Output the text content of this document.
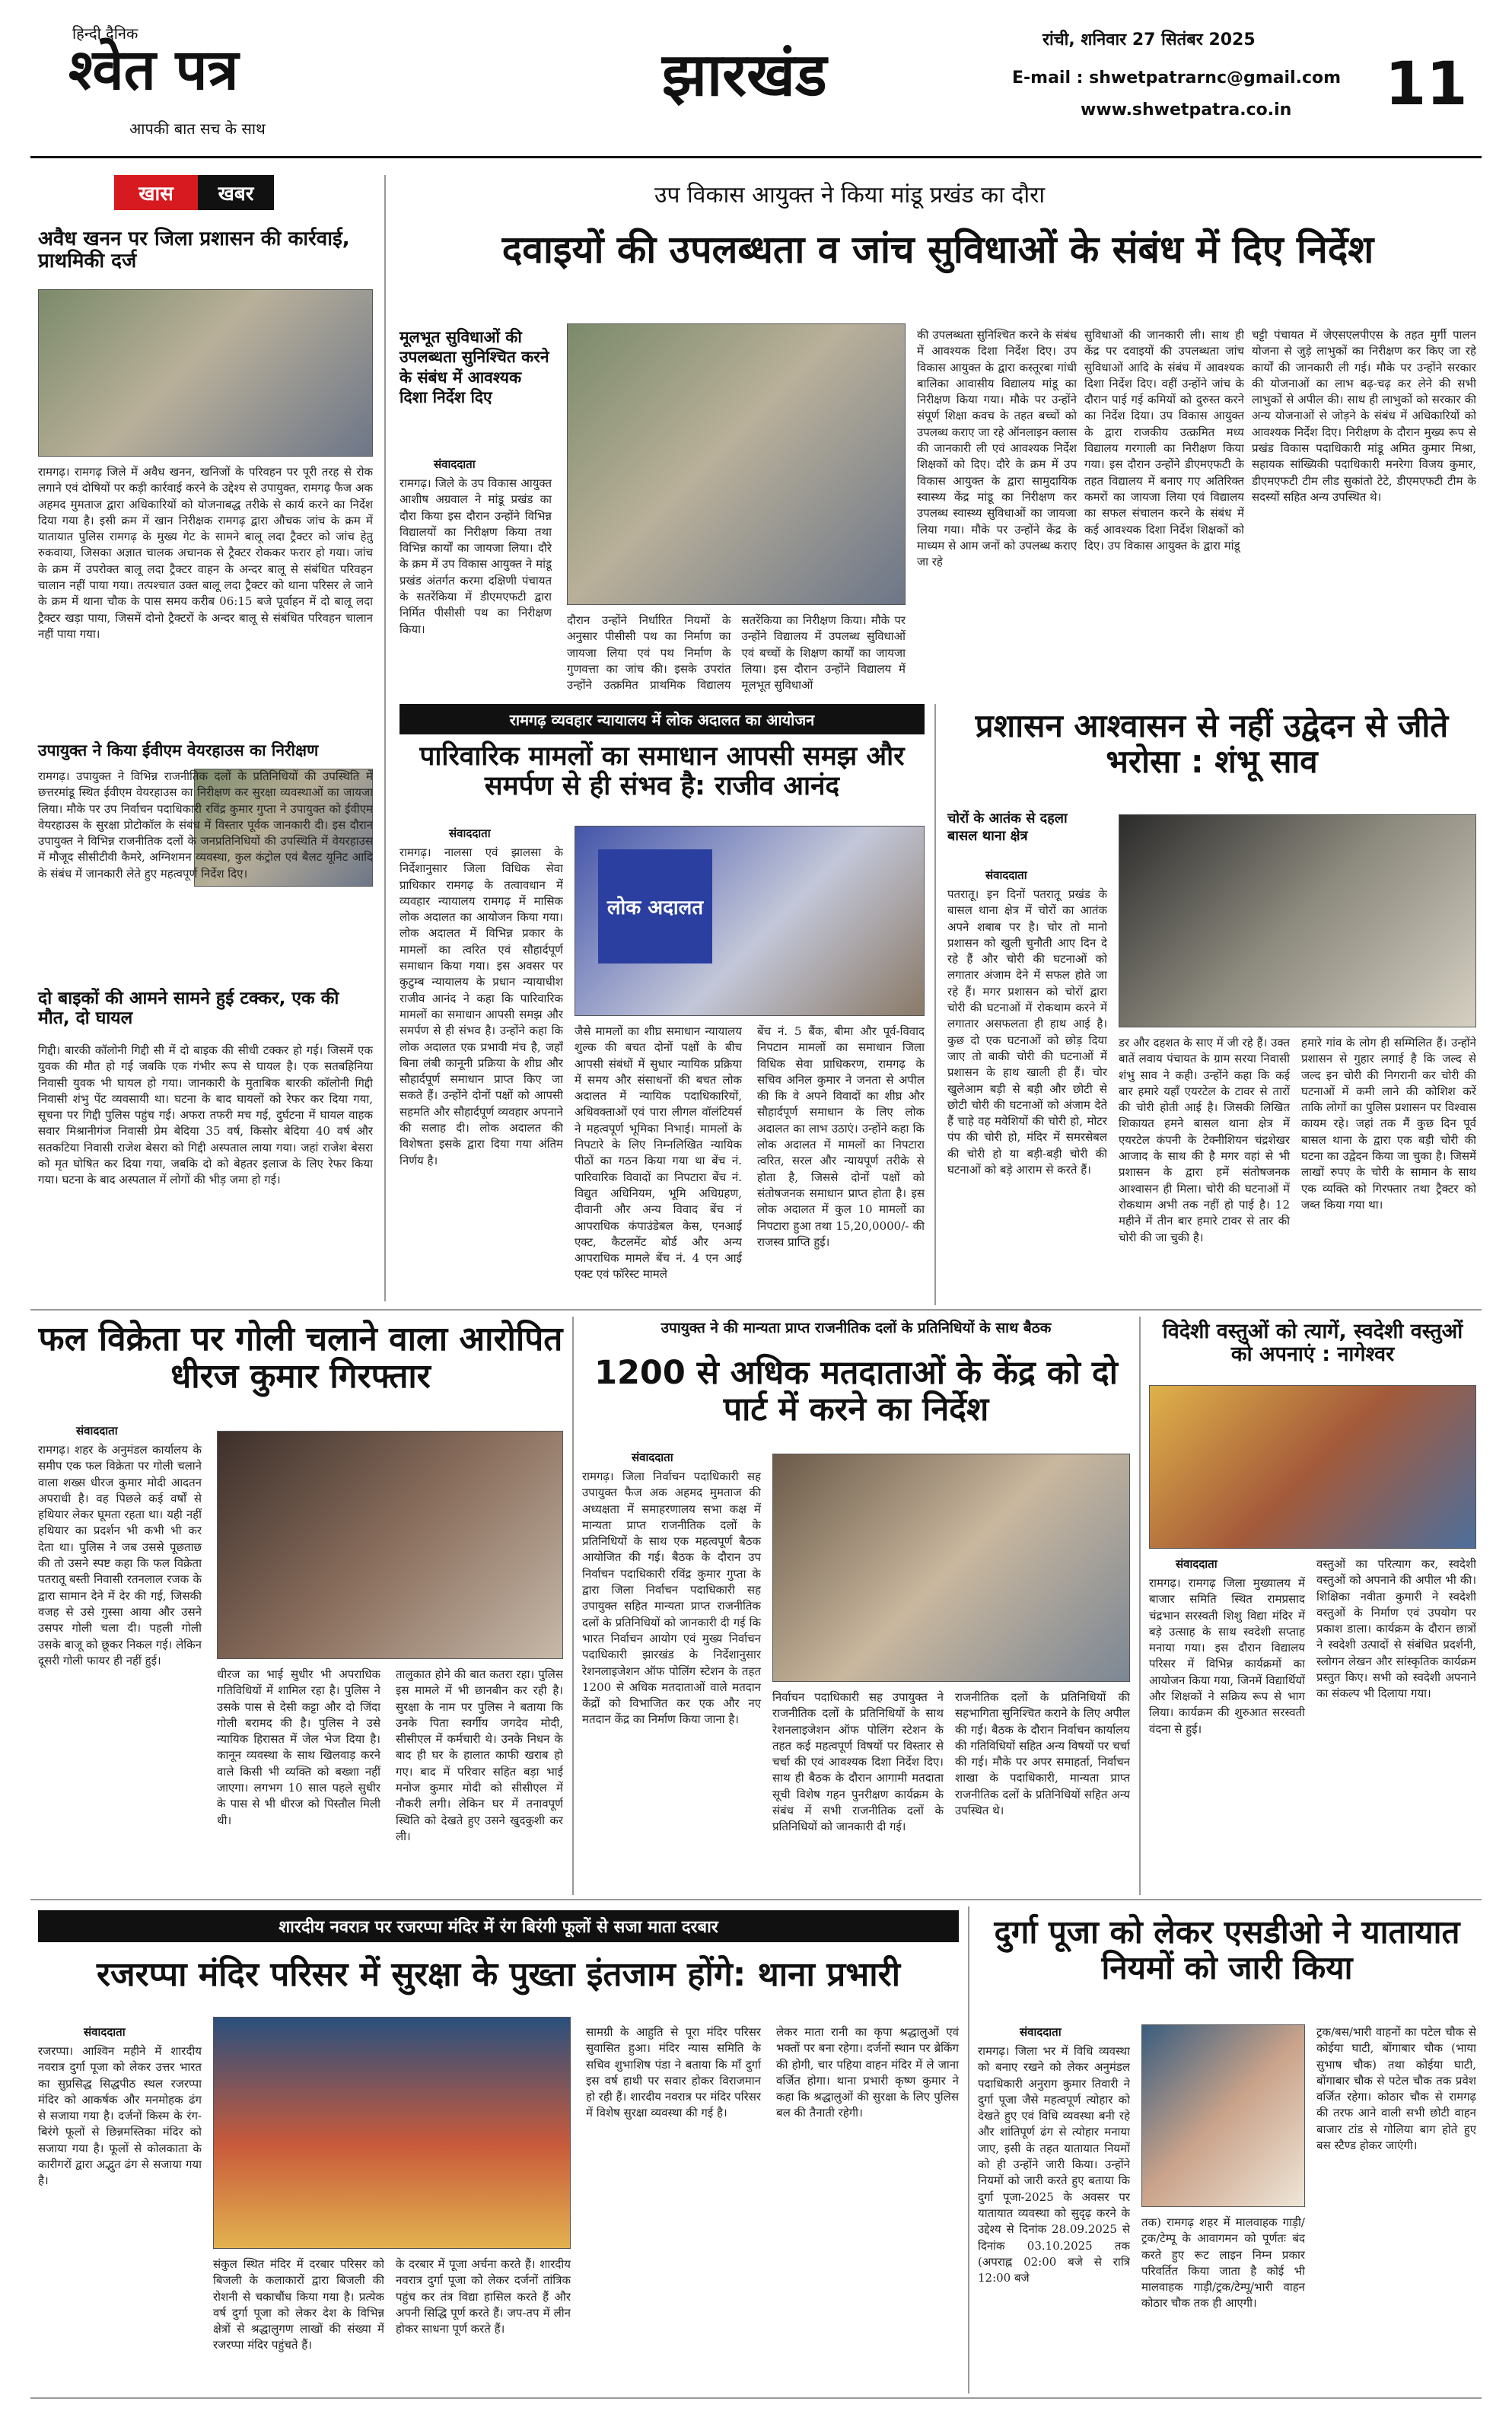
हिन्दी दैनिक
श्वेत पत्र
आपकी बात सच के साथ
झारखंड
रांची, शनिवार 27 सितंबर 2025
E-mail : shwetpatrarnc@gmail.com
www.shwetpatra.co.in 11
खास	खबर
अवैध खनन पर जिला प्रशासन की कार्रवाई, प्राथमिकी दर्ज
रामगढ़। रामगढ़ जिले में अवैध खनन, खनिजों के परिवहन पर पूरी तरह से रोक लगाने एवं दोषियों पर कड़ी कार्रवाई करने के उद्देश्य से उपायुक्त, रामगढ़ फैज अक अहमद मुमताज द्वारा अधिकारियों को योजनाबद्ध तरीके से कार्य करने का निर्देश दिया गया है। इसी क्रम में खान निरीक्षक रामगढ़ द्वारा औचक जांच के क्रम में यातायात पुलिस रामगढ़ के मुख्य गेट के सामने बालू लदा ट्रैक्टर को जांच हेतु रुकवाया, जिसका अज्ञात चालक अचानक से ट्रैक्टर रोककर फरार हो गया। जांच के क्रम में उपरोक्त बालू लदा ट्रैक्टर वाहन के अन्दर बालू से संबंधित परिवहन चालान नहीं पाया गया। तत्पश्चात उक्त बालू लदा ट्रैक्टर को थाना परिसर ले जाने के क्रम में थाना चौक के पास समय करीब 06:15 बजे पूर्वाहन में दो बालू लदा ट्रैक्टर खड़ा पाया, जिसमें दोनो ट्रैक्टरों के अन्दर बालू से संबंधित परिवहन चालान नहीं पाया गया।
उपायुक्त ने किया ईवीएम वेयरहाउस का निरीक्षण
रामगढ़। उपायुक्त ने विभिन्न राजनीतिक दलों के प्रतिनिधियों की उपस्थिति में छत्तरमांडू स्थित ईवीएम वेयरहाउस का निरीक्षण कर सुरक्षा व्यवस्थाओं का जायजा लिया। मौके पर उप निर्वाचन पदाधिकारी रविंद्र कुमार गुप्ता ने उपायुक्त को ईवीएम वेयरहाउस के सुरक्षा प्रोटोकॉल के संबंध में विस्तार पूर्वक जानकारी दी। इस दौरान उपायुक्त ने विभिन्न राजनीतिक दलों के जनप्रतिनिधियों की उपस्थिति में वेयरहाउस में मौजूद सीसीटीवी कैमरे, अग्निशमन व्यवस्था, कुल कंट्रोल एवं बैलट यूनिट आदि के संबंध में जानकारी लेते हुए महत्वपूर्ण निर्देश दिए।
दो बाइकों की आमने सामने हुई टक्कर, एक की मौत, दो घायल
गिद्दी। बारकी कॉलोनी गिद्दी सी में दो बाइक की सीधी टक्कर हो गई। जिसमें एक युवक की मौत हो गई जबकि एक गंभीर रूप से घायल है। एक सतबहिनिया निवासी युवक भी घायल हो गया। जानकारी के मुताबिक बारकी कॉलोनी गिद्दी निवासी शंभु पेंट व्यवसायी था। घटना के बाद घायलों को रेफर कर दिया गया, सूचना पर गिद्दी पुलिस पहुंच गई। अफरा तफरी मच गई, दुर्घटना में घायल वाहक सवार मिश्रानीगंज निवासी प्रेम बेदिया 35 वर्ष, किसोर बेदिया 40 वर्ष और सतकटिया निवासी राजेश बेसरा को गिद्दी अस्पताल लाया गया। जहां राजेश बेसरा को मृत घोषित कर दिया गया, जबकि दो को बेहतर इलाज के लिए रेफर किया गया। घटना के बाद अस्पताल में लोगों की भीड़ जमा हो गई।
उप विकास आयुक्त ने किया मांडू प्रखंड का दौरा
दवाइयों की उपलब्धता व जांच सुविधाओं के संबंध में दिए निर्देश
मूलभूत सुविधाओं की उपलब्धता सुनिश्चित करने के संबंध में आवश्यक दिशा निर्देश दिए
संवाददाता
रामगढ़। जिले के उप विकास आयुक्त आशीष अग्रवाल ने मांडू प्रखंड का दौरा किया इस दौरान उन्होंने विभिन्न विद्यालयों का निरीक्षण किया तथा विभिन्न कार्यों का जायजा लिया। दौरे के क्रम में उप विकास आयुक्त ने मांडू प्रखंड अंतर्गत करमा दक्षिणी पंचायत के सतरेंकिया में डीएमएफटी द्वारा निर्मित पीसीसी पथ का निरीक्षण किया।
दौरान उन्होंने निर्धारित नियमों के अनुसार पीसीसी पथ का निर्माण का जायजा लिया एवं पथ निर्माण के गुणवत्ता का जांच की। इसके उपरांत उन्होंने उत्क्रमित प्राथमिक विद्यालय सतरेंकिया का निरीक्षण किया। मौके पर उन्होंने विद्यालय में उपलब्ध सुविधाओं एवं बच्चों के शिक्षण कार्यों का जायजा लिया। इस दौरान उन्होंने विद्यालय में मूलभूत सुविधाओं
की उपलब्धता सुनिश्चित करने के संबंध में आवश्यक दिशा निर्देश दिए। उप विकास आयुक्त के द्वारा कस्तूरबा गांधी बालिका आवासीय विद्यालय मांडू का निरीक्षण किया गया। मौके पर उन्होंने संपूर्ण शिक्षा कवच के तहत बच्चों को उपलब्ध कराए जा रहे ऑनलाइन क्लास की जानकारी ली एवं आवश्यक निर्देश शिक्षकों को दिए। दौरे के क्रम में उप विकास आयुक्त के द्वारा सामुदायिक स्वास्थ्य केंद्र मांडू का निरीक्षण कर उपलब्ध स्वास्थ्य सुविधाओं का जायजा लिया गया। मौके पर उन्होंने केंद्र के माध्यम से आम जनों को उपलब्ध कराए जा रहे
सुविधाओं की जानकारी ली। साथ ही केंद्र पर दवाइयों की उपलब्धता जांच सुविधाओं आदि के संबंध में आवश्यक दिशा निर्देश दिए। वहीं उन्होंने जांच के दौरान पाई गई कमियों को दुरुस्त करने का निर्देश दिया। उप विकास आयुक्त के द्वारा राजकीय उत्क्रमित मध्य विद्यालय गरगाली का निरीक्षण किया गया। इस दौरान उन्होंने डीएमएफटी के तहत विद्यालय में बनाए गए अतिरिक्त कमरों का जायजा लिया एवं विद्यालय का सफल संचालन करने के संबंध में कई आवश्यक दिशा निर्देश शिक्षकों को दिए। उप विकास आयुक्त के द्वारा मांडू
चट्टी पंचायत में जेएसएलपीएस के तहत मुर्गी पालन योजना से जुड़े लाभुकों का निरीक्षण कर किए जा रहे कार्यों की जानकारी ली गई। मौके पर उन्होंने सरकार की योजनाओं का लाभ बढ़-चढ़ कर लेने की सभी लाभुकों से अपील की। साथ ही लाभुकों को सरकार की अन्य योजनाओं से जोड़ने के संबंध में अधिकारियों को आवश्यक निर्देश दिए। निरीक्षण के दौरान मुख्य रूप से प्रखंड विकास पदाधिकारी मांडू अमित कुमार मिश्रा, सहायक सांख्यिकी पदाधिकारी मनरेगा विजय कुमार, डीएमएफटी टीम लीड सुकांतो टेटे, डीएमएफटी टीम के सदस्यों सहित अन्य उपस्थित थे।
रामगढ़ व्यवहार न्यायालय में लोक अदालत का आयोजन
पारिवारिक मामलों का समाधान आपसी समझ और समर्पण से ही संभव है: राजीव आनंद
संवाददाता
रामगढ़। नालसा एवं झालसा के निर्देशानुसार जिला विधिक सेवा प्राधिकार रामगढ़ के तत्वावधान में व्यवहार न्यायालय रामगढ़ में मासिक लोक अदालत का आयोजन किया गया। लोक अदालत में विभिन्न प्रकार के मामलों का त्वरित एवं सौहार्दपूर्ण समाधान किया गया। इस अवसर पर कुटुम्ब न्यायालय के प्रधान न्यायाधीश राजीव आनंद ने कहा कि पारिवारिक मामलों का समाधान आपसी समझ और समर्पण से ही संभव है। उन्होंने कहा कि लोक अदालत एक प्रभावी मंच है, जहाँ बिना लंबी कानूनी प्रक्रिया के शीघ्र और सौहार्दपूर्ण समाधान प्राप्त किए जा सकते हैं। उन्होंने दोनों पक्षों को आपसी सहमति और सौहार्दपूर्ण व्यवहार अपनाने की सलाह दी। लोक अदालत की विशेषता इसके द्वारा दिया गया अंतिम निर्णय है।
लोक अदालत
जैसे मामलों का शीघ्र समाधान न्यायालय शुल्क की बचत दोनों पक्षों के बीच आपसी संबंधों में सुधार न्यायिक प्रक्रिया में समय और संसाधनों की बचत लोक अदालत में न्यायिक पदाधिकारियों, अधिवक्ताओं एवं पारा लीगल वॉलंटियर्स ने महत्वपूर्ण भूमिका निभाई। मामलों के निपटारे के लिए निम्नलिखित न्यायिक पीठों का गठन किया गया था बेंच नं. पारिवारिक विवादों का निपटारा बेंच नं. विद्युत अधिनियम, भूमि अधिग्रहण, दीवानी और अन्य विवाद बेंच नं आपराधिक कंपाउंडेबल केस, एनआई एक्ट, कैटलमेंट बोर्ड और अन्य आपराधिक मामले बेंच नं. 4 एन आई एक्ट एवं फॉरेस्ट मामले
बेंच नं. 5 बैंक, बीमा और पूर्व-विवाद निपटान मामलों का समाधान जिला विधिक सेवा प्राधिकरण, रामगढ़ के सचिव अनिल कुमार ने जनता से अपील की कि वे अपने विवादों का शीघ्र और सौहार्दपूर्ण समाधान के लिए लोक अदालत का लाभ उठाएं। उन्होंने कहा कि लोक अदालत में मामलों का निपटारा त्वरित, सरल और न्यायपूर्ण तरीके से होता है, जिससे दोनों पक्षों को संतोषजनक समाधान प्राप्त होता है। इस लोक अदालत में कुल 10 मामलों का निपटारा हुआ तथा 15,20,0000/- की राजस्व प्राप्ति हुई।
प्रशासन आश्वासन से नहीं उद्वेदन से जीते भरोसा : शंभू साव
चोरों के आतंक से दहला बासल थाना क्षेत्र
संवाददाता
पतरातू। इन दिनों पतरातू प्रखंड के बासल थाना क्षेत्र में चोरों का आतंक अपने शबाब पर है। चोर तो मानो प्रशासन को खुली चुनौती आए दिन दे रहे हैं और चोरी की घटनाओं को लगातार अंजाम देने में सफल होते जा रहे हैं। मगर प्रशासन को चोरों द्वारा चोरी की घटनाओं में रोकथाम करने में लगातार असफलता ही हाथ आई है। कुछ दो एक घटनाओं को छोड़ दिया जाए तो बाकी चोरी की घटनाओं में प्रशासन के हाथ खाली ही हैं। चोर खुलेआम बड़ी से बड़ी और छोटी से छोटी चोरी की घटनाओं को अंजाम देते हैं चाहे वह मवेशियों की चोरी हो, मोटर पंप की चोरी हो, मंदिर में समरसेबल की चोरी हो या बड़ी-बड़ी चोरी की घटनाओं को बड़े आराम से करते हैं।
डर और दहशत के साए में जी रहे हैं। उक्त बातें लवाय पंचायत के ग्राम सरया निवासी शंभु साव ने कही। उन्होंने कहा कि कई बार हमारे यहाँ एयरटेल के टावर से तारों की चोरी होती आई है। जिसकी लिखित शिकायत हमने बासल थाना क्षेत्र में एयरटेल कंपनी के टेक्नीशियन चंद्रशेखर आजाद के साथ की है मगर वहां से भी प्रशासन के द्वारा हमें संतोषजनक आश्वासन ही मिला। चोरी की घटनाओं में रोकथाम अभी तक नहीं हो पाई है। 12 महीने में तीन बार हमारे टावर से तार की चोरी की जा चुकी है।
हमारे गांव के लोग ही सम्मिलित हैं। उन्होंने प्रशासन से गुहार लगाई है कि जल्द से जल्द इन चोरी की निगरानी कर चोरी की घटनाओं में कमी लाने की कोशिश करें ताकि लोगों का पुलिस प्रशासन पर विश्वास कायम रहे। जहां तक मैं कुछ दिन पूर्व बासल थाना के द्वारा एक बड़ी चोरी की घटना का उद्वेदन किया जा चुका है। जिसमें लाखों रुपए के चोरी के सामान के साथ एक व्यक्ति को गिरफ्तार तथा ट्रैक्टर को जब्त किया गया था।
फल विक्रेता पर गोली चलाने वाला आरोपित धीरज कुमार गिरफ्तार
संवाददाता
रामगढ़। शहर के अनुमंडल कार्यालय के समीप एक फल विक्रेता पर गोली चलाने वाला शख्स धीरज कुमार मोदी आदतन अपराधी है। वह पिछले कई वर्षों से हथियार लेकर घूमता रहता था। यही नहीं हथियार का प्रदर्शन भी कभी भी कर देता था। पुलिस ने जब उससे पूछताछ की तो उसने स्पष्ट कहा कि फल विक्रेता पतरातू बस्ती निवासी रतनलाल रजक के द्वारा सामान देने में देर की गई, जिसकी वजह से उसे गुस्सा आया और उसने उसपर गोली चला दी। पहली गोली उसके बाजू को छूकर निकल गई। लेकिन दूसरी गोली फायर ही नहीं हुई।
धीरज का भाई सुधीर भी अपराधिक गतिविधियों में शामिल रहा है। पुलिस ने उसके पास से देसी कट्टा और दो जिंदा गोली बरामद की है। पुलिस ने उसे न्यायिक हिरासत में जेल भेज दिया है। कानून व्यवस्था के साथ खिलवाड़ करने वाले किसी भी व्यक्ति को बख्शा नहीं जाएगा। लगभग 10 साल पहले सुधीर के पास से भी धीरज को पिस्तौल मिली थी।
तालुकात होने की बात कतरा रहा। पुलिस इस मामले में भी छानबीन कर रही है। सुरक्षा के नाम पर पुलिस ने बताया कि उनके पिता स्वर्गीय जगदेव मोदी, सीसीएल में कर्मचारी थे। उनके निधन के बाद ही घर के हालात काफी खराब हो गए। बाद में परिवार सहित बड़ा भाई मनोज कुमार मोदी को सीसीएल में नौकरी लगी। लेकिन घर में तनावपूर्ण स्थिति को देखते हुए उसने खुदकुशी कर ली।
उपायुक्त ने की मान्यता प्राप्त राजनीतिक दलों के प्रतिनिधियों के साथ बैठक
1200 से अधिक मतदाताओं के केंद्र को दो पार्ट में करने का निर्देश
संवाददाता
रामगढ़। जिला निर्वाचन पदाधिकारी सह उपायुक्त फैज अक अहमद मुमताज की अध्यक्षता में समाहरणालय सभा कक्ष में मान्यता प्राप्त राजनीतिक दलों के प्रतिनिधियों के साथ एक महत्वपूर्ण बैठक आयोजित की गई। बैठक के दौरान उप निर्वाचन पदाधिकारी रविंद्र कुमार गुप्ता के द्वारा जिला निर्वाचन पदाधिकारी सह उपायुक्त सहित मान्यता प्राप्त राजनीतिक दलों के प्रतिनिधियों को जानकारी दी गई कि भारत निर्वाचन आयोग एवं मुख्य निर्वाचन पदाधिकारी झारखंड के निर्देशानुसार रेशनलाइजेशन ऑफ पोलिंग स्टेशन के तहत 1200 से अधिक मतदाताओं वाले मतदान केंद्रों को विभाजित कर एक और नए मतदान केंद्र का निर्माण किया जाना है।
निर्वाचन पदाधिकारी सह उपायुक्त ने राजनीतिक दलों के प्रतिनिधियों के साथ रेशनलाइजेशन ऑफ पोलिंग स्टेशन के तहत कई महत्वपूर्ण विषयों पर विस्तार से चर्चा की एवं आवश्यक दिशा निर्देश दिए। साथ ही बैठक के दौरान आगामी मतदाता सूची विशेष गहन पुनरीक्षण कार्यक्रम के संबंध में सभी राजनीतिक दलों के प्रतिनिधियों को जानकारी दी गई।
राजनीतिक दलों के प्रतिनिधियों की सहभागिता सुनिश्चित कराने के लिए अपील की गई। बैठक के दौरान निर्वाचन कार्यालय की गतिविधियों सहित अन्य विषयों पर चर्चा की गई। मौके पर अपर समाहर्ता, निर्वाचन शाखा के पदाधिकारी, मान्यता प्राप्त राजनीतिक दलों के प्रतिनिधियों सहित अन्य उपस्थित थे।
विदेशी वस्तुओं को त्यागें, स्वदेशी वस्तुओं को अपनाएं : नागेश्वर
संवाददाता
रामगढ़। रामगढ़ जिला मुख्यालय में बाजार समिति स्थित रामप्रसाद चंद्रभान सरस्वती शिशु विद्या मंदिर में बड़े उत्साह के साथ स्वदेशी सप्ताह मनाया गया। इस दौरान विद्यालय परिसर में विभिन्न कार्यक्रमों का आयोजन किया गया, जिनमें विद्यार्थियों और शिक्षकों ने सक्रिय रूप से भाग लिया। कार्यक्रम की शुरुआत सरस्वती वंदना से हुई।
वस्तुओं का परित्याग कर, स्वदेशी वस्तुओं को अपनाने की अपील भी की। शिक्षिका नवीता कुमारी ने स्वदेशी वस्तुओं के निर्माण एवं उपयोग पर प्रकाश डाला। कार्यक्रम के दौरान छात्रों ने स्वदेशी उत्पादों से संबंधित प्रदर्शनी, स्लोगन लेखन और सांस्कृतिक कार्यक्रम प्रस्तुत किए। सभी को स्वदेशी अपनाने का संकल्प भी दिलाया गया।
शारदीय नवरात्र पर रजरप्पा मंदिर में रंग बिरंगी फूलों से सजा माता दरबार
रजरप्पा मंदिर परिसर में सुरक्षा के पुख्ता इंतजाम होंगे: थाना प्रभारी
संवाददाता
रजरप्पा। आश्विन महीने में शारदीय नवरात्र दुर्गा पूजा को लेकर उत्तर भारत का सुप्रसिद्ध सिद्धपीठ स्थल रजरप्पा मंदिर को आकर्षक और मनमोहक ढंग से सजाया गया है। दर्जनों किस्म के रंग-बिरंगे फूलों से छिन्नमस्तिका मंदिर को सजाया गया है। फूलों से कोलकाता के कारीगरों द्वारा अद्भुत ढंग से सजाया गया है।
संकुल स्थित मंदिर में दरबार परिसर को बिजली के कलाकारों द्वारा बिजली की रोशनी से चकाचौंध किया गया है। प्रत्येक वर्ष दुर्गा पूजा को लेकर देश के विभिन्न क्षेत्रों से श्रद्धालुगण लाखों की संख्या में रजरप्पा मंदिर पहुंचते हैं।
के दरबार में पूजा अर्चना करते हैं। शारदीय नवरात्र दुर्गा पूजा को लेकर दर्जनों तांत्रिक पहुंच कर तंत्र विद्या हासिल करते हैं और अपनी सिद्धि पूर्ण करते हैं। जप-तप में लीन होकर साधना पूर्ण करते हैं।
सामग्री के आहुति से पूरा मंदिर परिसर सुवासित हुआ। मंदिर न्यास समिति के सचिव शुभाशिष पंडा ने बताया कि माँ दुर्गा इस वर्ष हाथी पर सवार होकर विराजमान हो रही हैं। शारदीय नवरात्र पर मंदिर परिसर में विशेष सुरक्षा व्यवस्था की गई है।
लेकर माता रानी का कृपा श्रद्धालुओं एवं भक्तों पर बना रहेगा। दर्जनों स्थान पर ब्रेकिंग की होगी, चार पहिया वाहन मंदिर में ले जाना वर्जित होगा। थाना प्रभारी कृष्ण कुमार ने कहा कि श्रद्धालुओं की सुरक्षा के लिए पुलिस बल की तैनाती रहेगी।
दुर्गा पूजा को लेकर एसडीओ ने यातायात नियमों को जारी किया
संवाददाता
रामगढ़। जिला भर में विधि व्यवस्था को बनाए रखने को लेकर अनुमंडल पदाधिकारी अनुराग कुमार तिवारी ने दुर्गा पूजा जैसे महत्वपूर्ण त्योहार को देखते हुए एवं विधि व्यवस्था बनी रहे और शांतिपूर्ण ढंग से त्योहार मनाया जाए, इसी के तहत यातायात नियमों को ही उन्होंने जारी किया। उन्होंने नियमों को जारी करते हुए बताया कि दुर्गा पूजा-2025 के अवसर पर यातायात व्यवस्था को सुदृढ़ करने के उद्देश्य से दिनांक 28.09.2025 से दिनांक 03.10.2025 तक (अपराह्न 02:00 बजे से रात्रि 12:00 बजे
तक) रामगढ़ शहर में मालवाहक गाड़ी/ट्रक/टेम्पू के आवागमन को पूर्णतः बंद करते हुए रूट लाइन निम्न प्रकार परिवर्तित किया जाता है कोई भी मालवाहक गाड़ी/ट्रक/टेम्पू/भारी वाहन कोठार चौक तक ही आएगी।
ट्रक/बस/भारी वाहनों का पटेल चौक से कोईया घाटी, बोंगाबार चौक (भाया सुभाष चौक) तथा कोईया घाटी, बोंगाबार चौक से पटेल चौक तक प्रवेश वर्जित रहेगा। कोठार चौक से रामगढ़ की तरफ आने वाली सभी छोटी वाहन बाजार टांड से गोलिया बाग होते हुए बस स्टैण्ड होकर जाएंगी।
